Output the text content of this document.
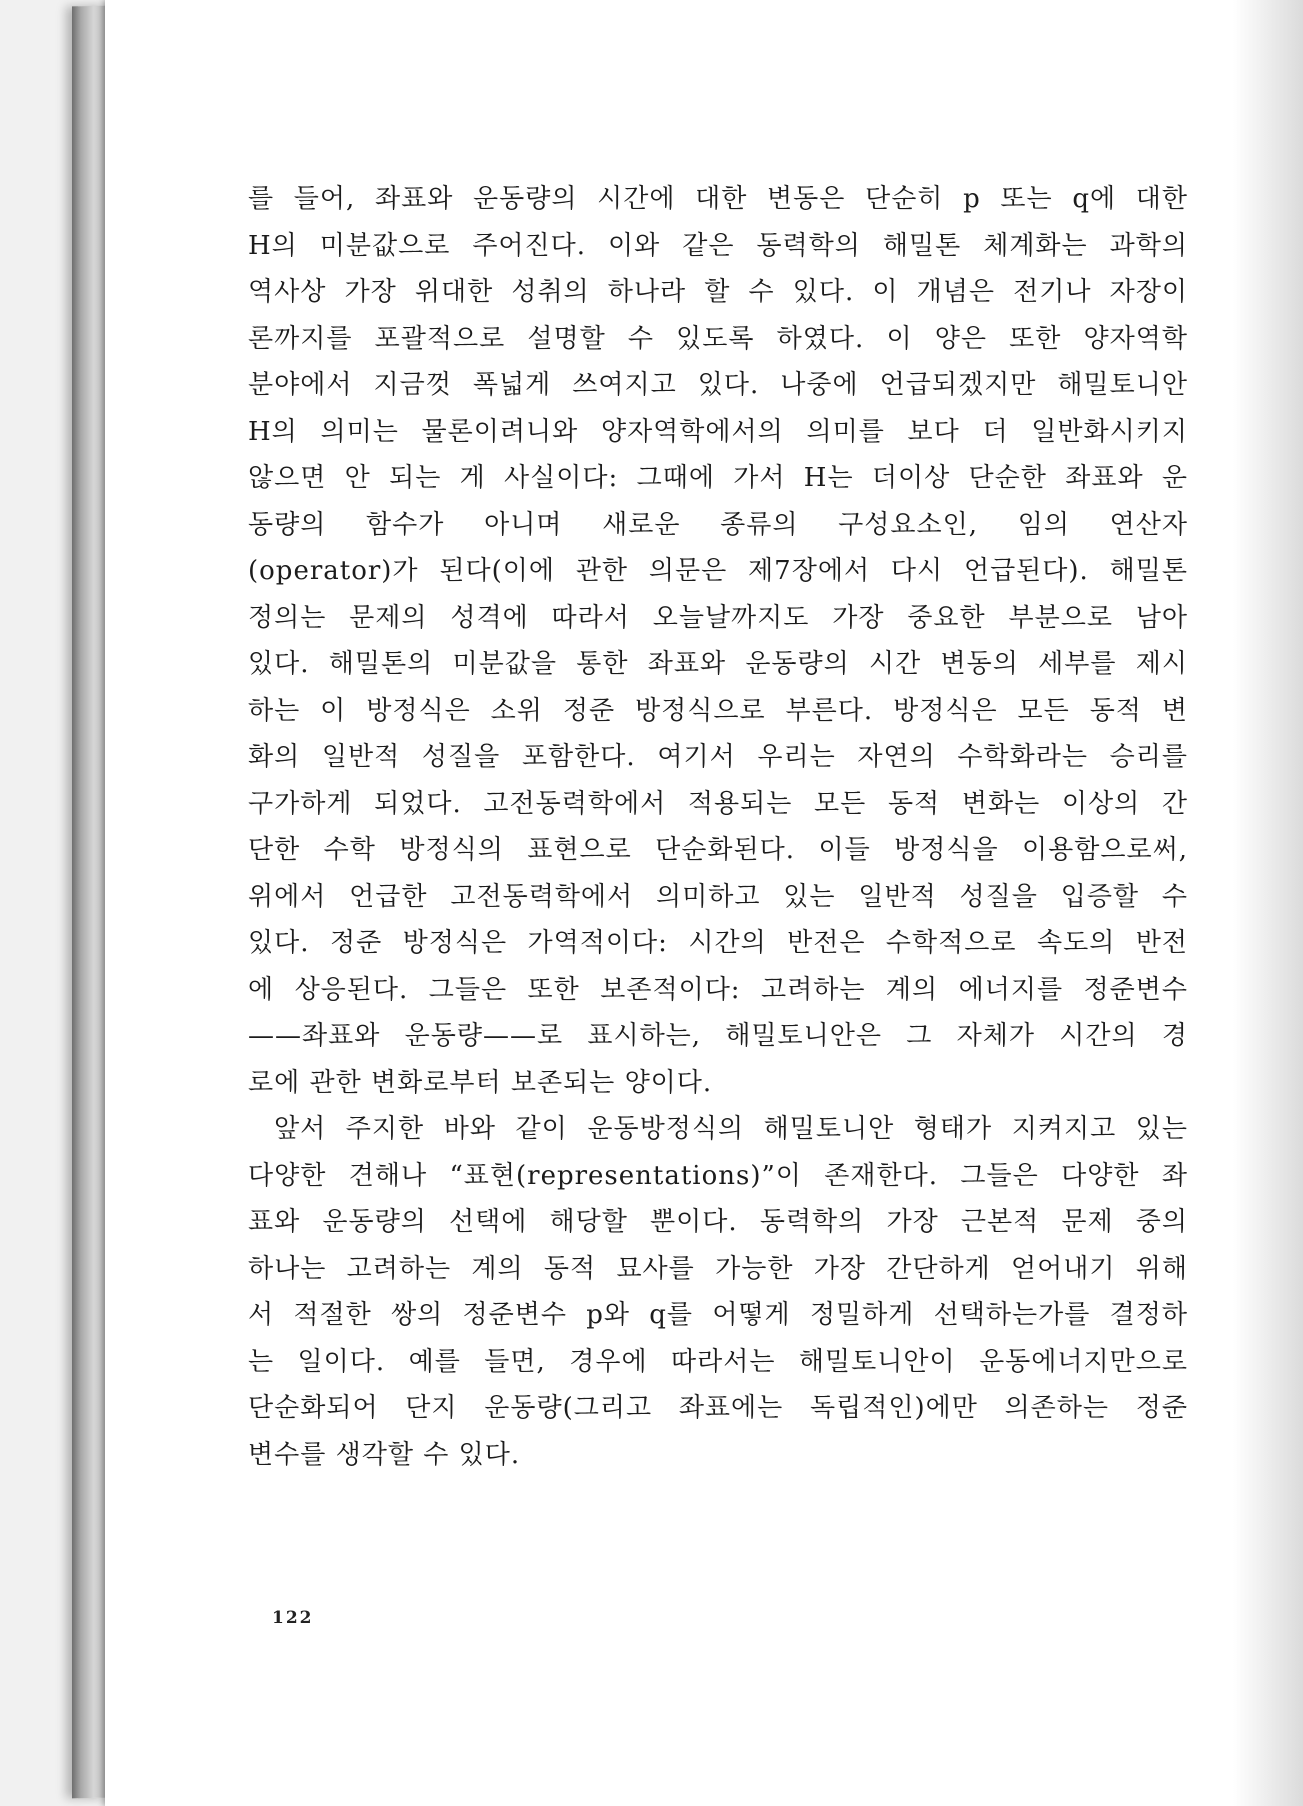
를 들어, 좌표와 운동량의 시간에 대한 변동은 단순히 p 또는 q에 대한
H의 미분값으로 주어진다. 이와 같은 동력학의 해밀톤 체계화는 과학의
역사상 가장 위대한 성취의 하나라 할 수 있다. 이 개념은 전기나 자장이
론까지를 포괄적으로 설명할 수 있도록 하였다. 이 양은 또한 양자역학
분야에서 지금껏 폭넓게 쓰여지고 있다. 나중에 언급되겠지만 해밀토니안
H의 의미는 물론이려니와 양자역학에서의 의미를 보다 더 일반화시키지
않으면 안 되는 게 사실이다: 그때에 가서 H는 더이상 단순한 좌표와 운
동량의 함수가 아니며 새로운 종류의 구성요소인, 임의 연산자
(operator)가 된다(이에 관한 의문은 제7장에서 다시 언급된다). 해밀톤
정의는 문제의 성격에 따라서 오늘날까지도 가장 중요한 부분으로 남아
있다. 해밀톤의 미분값을 통한 좌표와 운동량의 시간 변동의 세부를 제시
하는 이 방정식은 소위 정준 방정식으로 부른다. 방정식은 모든 동적 변
화의 일반적 성질을 포함한다. 여기서 우리는 자연의 수학화라는 승리를
구가하게 되었다. 고전동력학에서 적용되는 모든 동적 변화는 이상의 간
단한 수학 방정식의 표현으로 단순화된다. 이들 방정식을 이용함으로써,
위에서 언급한 고전동력학에서 의미하고 있는 일반적 성질을 입증할 수
있다. 정준 방정식은 가역적이다: 시간의 반전은 수학적으로 속도의 반전
에 상응된다. 그들은 또한 보존적이다: 고려하는 계의 에너지를 정준변수
——좌표와 운동량——로 표시하는, 해밀토니안은 그 자체가 시간의 경
로에 관한 변화로부터 보존되는 양이다.
앞서 주지한 바와 같이 운동방정식의 해밀토니안 형태가 지켜지고 있는
다양한 견해나 “표현(representations)”이 존재한다. 그들은 다양한 좌
표와 운동량의 선택에 해당할 뿐이다. 동력학의 가장 근본적 문제 중의
하나는 고려하는 계의 동적 묘사를 가능한 가장 간단하게 얻어내기 위해
서 적절한 쌍의 정준변수 p와 q를 어떻게 정밀하게 선택하는가를 결정하
는 일이다. 예를 들면, 경우에 따라서는 해밀토니안이 운동에너지만으로
단순화되어 단지 운동량(그리고 좌표에는 독립적인)에만 의존하는 정준
변수를 생각할 수 있다.
122
